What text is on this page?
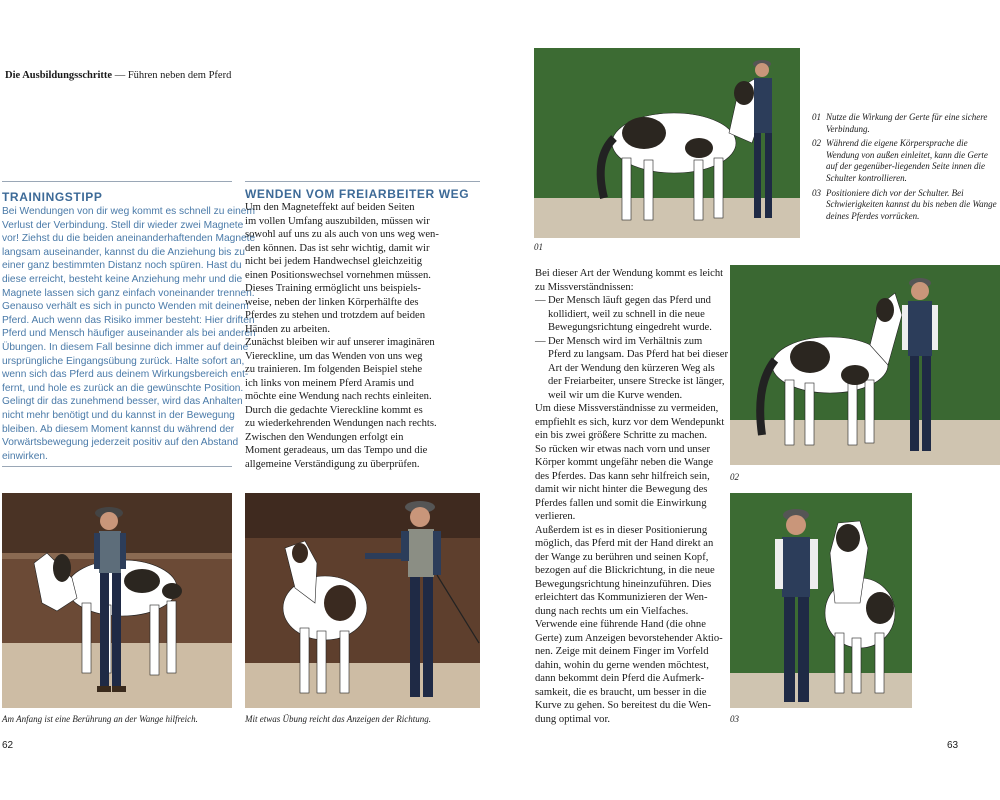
Die Ausbildungsschritte — Führen neben dem Pferd
TRAININGSTIPP
Bei Wendungen von dir weg kommt es schnell zu einem
Verlust der Verbindung. Stell dir wieder zwei Magnete
vor! Ziehst du die beiden aneinanderhaftenden Magnete
langsam auseinander, kannst du die Anziehung bis zu
einer ganz bestimmten Distanz noch spüren. Hast du
diese erreicht, besteht keine Anziehung mehr und die
Magnete lassen sich ganz einfach voneinander trennen.
Genauso verhält es sich in puncto Wenden mit deinem
Pferd. Auch wenn das Risiko immer besteht: Hier driften
Pferd und Mensch häufiger auseinander als bei anderen
Übungen. In diesem Fall besinne dich immer auf deine
ursprüngliche Eingangsübung zurück. Halte sofort an,
wenn sich das Pferd aus deinem Wirkungsbereich ent-
fernt, und hole es zurück an die gewünschte Position.
Gelingt dir das zunehmend besser, wird das Anhalten
nicht mehr benötigt und du kannst in der Bewegung
bleiben. Ab diesem Moment kannst du während der
Vorwärtsbewegung jederzeit positiv auf den Abstand
einwirken.
WENDEN VOM FREIARBEITER WEG
Um den Magneteffekt auf beiden Seiten
im vollen Umfang auszubilden, müssen wir
sowohl auf uns zu als auch von uns weg wen-
den können. Das ist sehr wichtig, damit wir
nicht bei jedem Handwechsel gleichzeitig
einen Positionswechsel vornehmen müssen.
Dieses Training ermöglicht uns beispiels-
weise, neben der linken Körperhälfte des
Pferdes zu stehen und trotzdem auf beiden
Händen zu arbeiten.
Zunächst bleiben wir auf unserer imaginären
Viereckline, um das Wenden von uns weg
zu trainieren. Im folgenden Beispiel stehe
ich links von meinem Pferd Aramis und
möchte eine Wendung nach rechts einleiten.
Durch die gedachte Viereckline kommt es
zu wiederkehrenden Wendungen nach rechts.
Zwischen den Wendungen erfolgt ein
Moment geradeaus, um das Tempo und die
allgemeine Verständigung zu überprüfen.
Bei dieser Art der Wendung kommt es leicht
zu Missverständnissen:
— Der Mensch läuft gegen das Pferd und
kollidiert, weil zu schnell in die neue
Bewegungsrichtung eingedreht wurde.
— Der Mensch wird im Verhältnis zum
Pferd zu langsam. Das Pferd hat bei dieser
Art der Wendung den kürzeren Weg als
der Freiarbeiter, unsere Strecke ist länger,
weil wir um die Kurve wenden.
Um diese Missverständnisse zu vermeiden,
empfiehlt es sich, kurz vor dem Wendepunkt
ein bis zwei größere Schritte zu machen.
So rücken wir etwas nach vorn und unser
Körper kommt ungefähr neben die Wange
des Pferdes. Das kann sehr hilfreich sein,
damit wir nicht hinter die Bewegung des
Pferdes fallen und somit die Einwirkung
verlieren.
Außerdem ist es in dieser Positionierung
möglich, das Pferd mit der Hand direkt an
der Wange zu berühren und seinen Kopf,
bezogen auf die Blickrichtung, in die neue
Bewegungsrichtung hineinzuführen. Dies
erleichtert das Kommunizieren der Wen-
dung nach rechts um ein Vielfaches.
Verwende eine führende Hand (die ohne
Gerte) zum Anzeigen bevorstehender Aktio-
nen. Zeige mit deinem Finger im Vorfeld
dahin, wohin du gerne wenden möchtest,
dann bekommt dein Pferd die Aufmerk-
samkeit, die es braucht, um besser in die
Kurve zu gehen. So bereitest du die Wen-
dung optimal vor.
Am Anfang ist eine Berührung an der Wange hilfreich.	Mit etwas Übung reicht das Anzeigen der Richtung.
01
01 Nutze die Wirkung der Gerte für eine sichere Verbindung.
02 Während die eigene Körpersprache die Wendung von außen einleitet, kann die Gerte auf der gegenüber-liegenden Seite innen die Schulter kontrollieren.
03 Positioniere dich vor der Schulter. Bei Schwierigkeiten kannst du bis neben die Wange deines Pferdes vorrücken.
02
03
62	63
